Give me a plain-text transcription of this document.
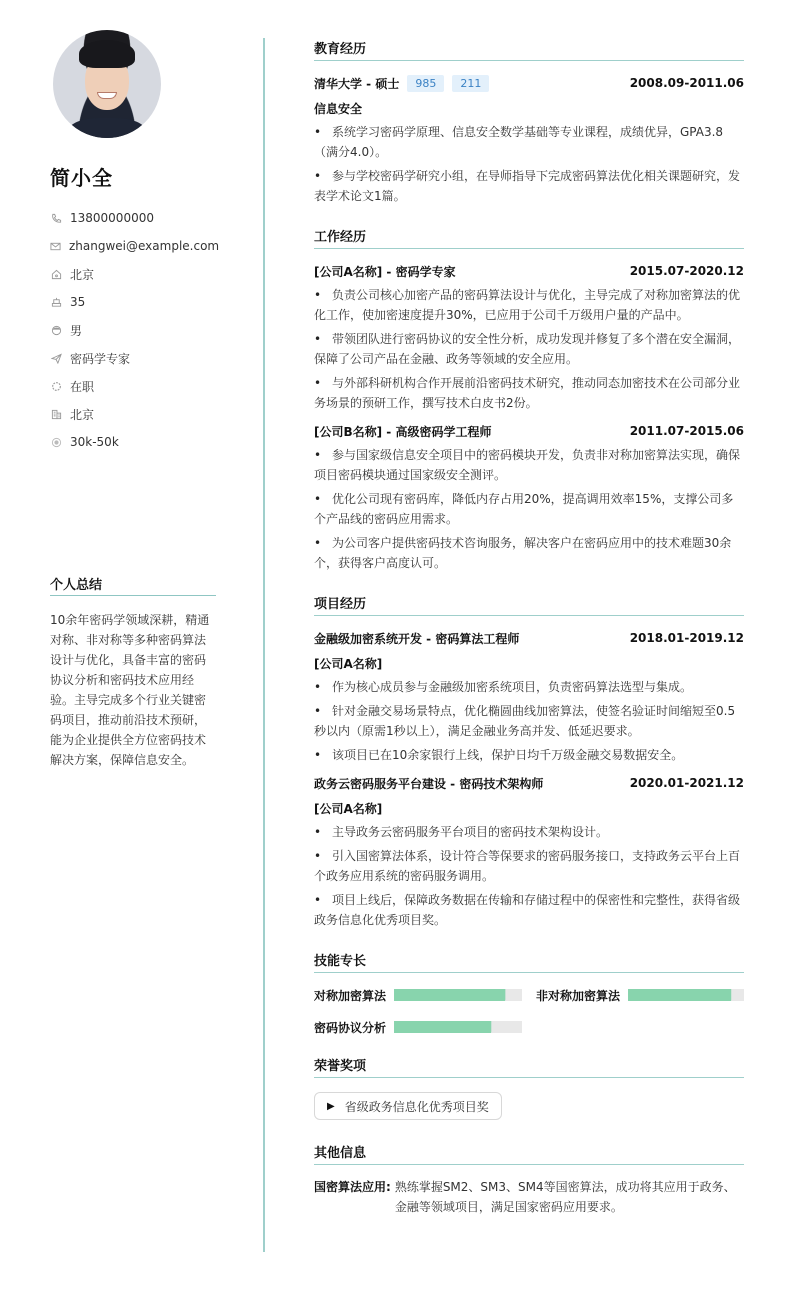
简小全
13800000000
zhangwei@example.com
北京
35
男
密码学专家
在职
北京
30k-50k
个人总结
10余年密码学领域深耕，精通对称、非对称等多种密码算法设计与优化，具备丰富的密码协议分析和密码技术应用经验。主导完成多个行业关键密码项目，推动前沿技术预研，能为企业提供全方位密码技术解决方案，保障信息安全。
教育经历
清华大学 - 硕士	985	211	2008.09-2011.06
信息安全
• 系统学习密码学原理、信息安全数学基础等专业课程，成绩优异，GPA3.8（满分4.0）。
• 参与学校密码学研究小组，在导师指导下完成密码算法优化相关课题研究，发表学术论文1篇。
工作经历
[公司A名称] - 密码学专家	2015.07-2020.12
• 负责公司核心加密产品的密码算法设计与优化，主导完成了对称加密算法的优化工作，使加密速度提升30%，已应用于公司千万级用户量的产品中。
• 带领团队进行密码协议的安全性分析，成功发现并修复了多个潜在安全漏洞，保障了公司产品在金融、政务等领域的安全应用。
• 与外部科研机构合作开展前沿密码技术研究，推动同态加密技术在公司部分业务场景的预研工作，撰写技术白皮书2份。
[公司B名称] - 高级密码学工程师	2011.07-2015.06
• 参与国家级信息安全项目中的密码模块开发，负责非对称加密算法实现，确保项目密码模块通过国家级安全测评。
• 优化公司现有密码库，降低内存占用20%，提高调用效率15%，支撑公司多个产品线的密码应用需求。
• 为公司客户提供密码技术咨询服务，解决客户在密码应用中的技术难题30余个，获得客户高度认可。
项目经历
金融级加密系统开发 - 密码算法工程师	2018.01-2019.12
[公司A名称]
• 作为核心成员参与金融级加密系统项目，负责密码算法选型与集成。
• 针对金融交易场景特点，优化椭圆曲线加密算法，使签名验证时间缩短至0.5秒以内（原需1秒以上），满足金融业务高并发、低延迟要求。
• 该项目已在10余家银行上线，保护日均千万级金融交易数据安全。
政务云密码服务平台建设 - 密码技术架构师	2020.01-2021.12
[公司A名称]
• 主导政务云密码服务平台项目的密码技术架构设计。
• 引入国密算法体系，设计符合等保要求的密码服务接口，支持政务云平台上百个政务应用系统的密码服务调用。
• 项目上线后，保障政务数据在传输和存储过程中的保密性和完整性，获得省级政务信息化优秀项目奖。
技能专长
对称加密算法	非对称加密算法
密码协议分析
荣誉奖项
▶ 省级政务信息化优秀项目奖
其他信息
国密算法应用: 熟练掌握SM2、SM3、SM4等国密算法，成功将其应用于政务、金融等领域项目，满足国家密码应用要求。
